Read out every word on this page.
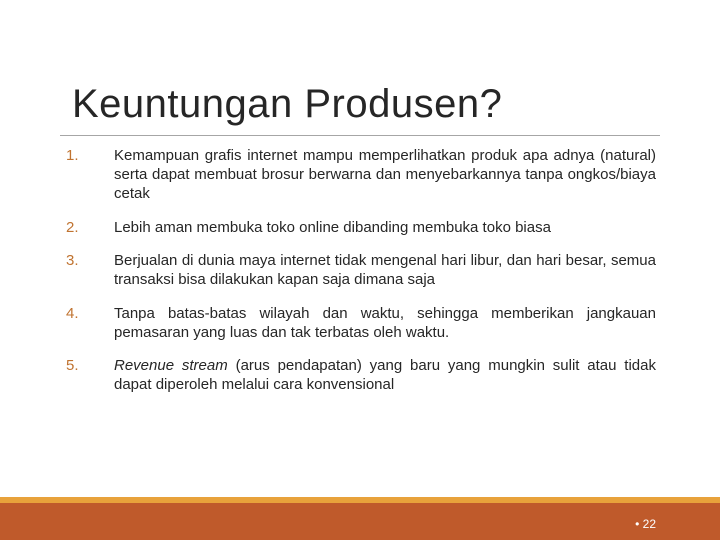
Keuntungan Produsen?
1.	Kemampuan grafis internet mampu memperlihatkan produk apa adnya (natural) serta dapat membuat brosur berwarna dan menyebarkannya tanpa ongkos/biaya cetak
2.	Lebih aman membuka toko online dibanding membuka toko biasa
3.	Berjualan di dunia maya internet tidak mengenal hari libur, dan hari besar, semua transaksi bisa dilakukan kapan saja dimana saja
4.	Tanpa batas-batas wilayah dan waktu, sehingga memberikan jangkauan pemasaran yang luas dan tak terbatas oleh waktu.
5.	Revenue stream (arus pendapatan) yang baru yang mungkin sulit atau tidak dapat diperoleh melalui cara konvensional
• 22
